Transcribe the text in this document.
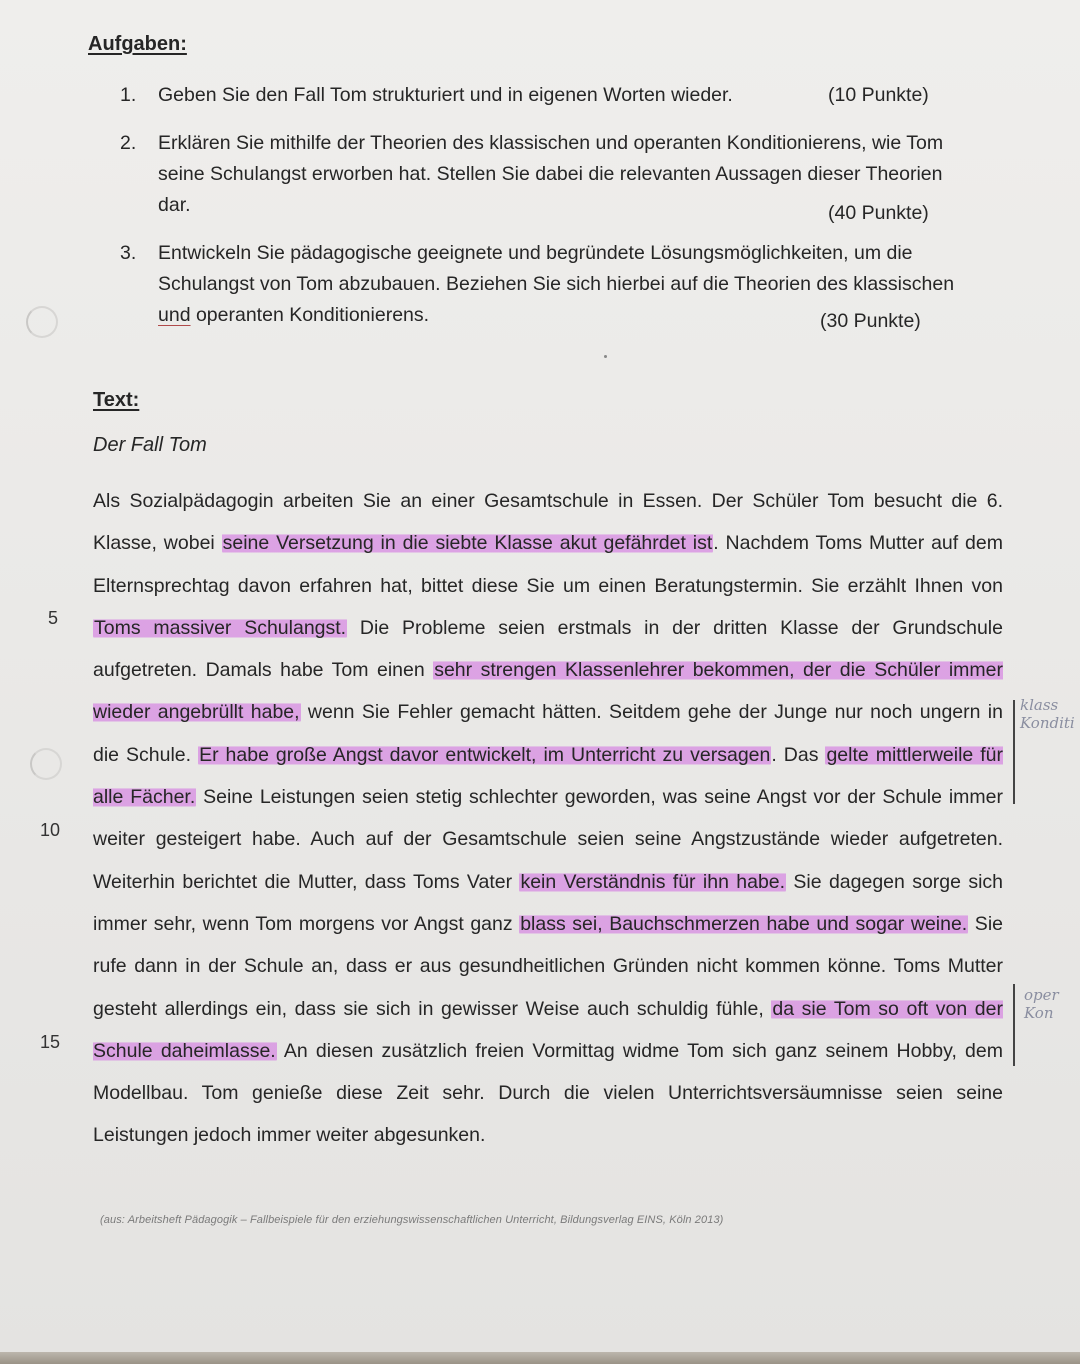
Aufgaben:
1. Geben Sie den Fall Tom strukturiert und in eigenen Worten wieder.	(10 Punkte)
2. Erklären Sie mithilfe der Theorien des klassischen und operanten Konditionierens, wie Tom
seine Schulangst erworben hat. Stellen Sie dabei die relevanten Aussagen dieser Theorien
dar.	(40 Punkte)
3. Entwickeln Sie pädagogische geeignete und begründete Lösungsmöglichkeiten, um die
Schulangst von Tom abzubauen. Beziehen Sie sich hierbei auf die Theorien des klassischen
und operanten Konditionierens.	(30 Punkte)
Text:
Der Fall Tom
Als Sozialpädagogin arbeiten Sie an einer Gesamtschule in Essen. Der Schüler Tom besucht die 6. Klasse, wobei seine Versetzung in die siebte Klasse akut gefährdet ist. Nachdem Toms Mutter auf dem Elternsprechtag davon erfahren hat, bittet diese Sie um einen Beratungstermin. Sie erzählt Ihnen von Toms massiver Schulangst. Die Probleme seien erstmals in der dritten Klasse der Grundschule aufgetreten. Damals habe Tom einen sehr strengen Klassenlehrer bekommen, der die Schüler immer wieder angebrüllt habe, wenn Sie Fehler gemacht hätten. Seitdem gehe der Junge nur noch ungern in die Schule. Er habe große Angst davor entwickelt, im Unterricht zu versagen. Das gelte mittlerweile für alle Fächer. Seine Leistungen seien stetig schlechter geworden, was seine Angst vor der Schule immer weiter gesteigert habe. Auch auf der Gesamtschule seien seine Angstzustände wieder aufgetreten. Weiterhin berichtet die Mutter, dass Toms Vater kein Verständnis für ihn habe. Sie dagegen sorge sich immer sehr, wenn Tom morgens vor Angst ganz blass sei, Bauchschmerzen habe und sogar weine. Sie rufe dann in der Schule an, dass er aus gesundheitlichen Gründen nicht kommen könne. Toms Mutter gesteht allerdings ein, dass sie sich in gewisser Weise auch schuldig fühle, da sie Tom so oft von der Schule daheimlasse. An diesen zusätzlich freien Vormittag widme Tom sich ganz seinem Hobby, dem Modellbau. Tom genieße diese Zeit sehr. Durch die vielen Unterrichtsversäumnisse seien seine Leistungen jedoch immer weiter abgesunken.
5
10
15
klass Konditi
oper Kon
(aus: Arbeitsheft Pädagogik – Fallbeispiele für den erziehungswissenschaftlichen Unterricht, Bildungsverlag EINS, Köln 2013)
